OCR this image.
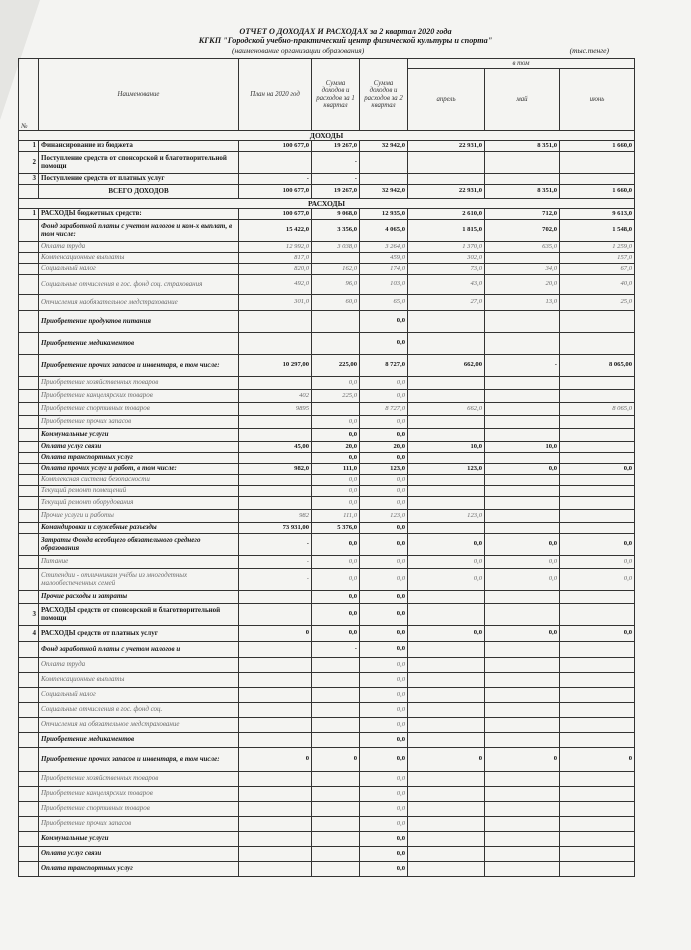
ОТЧЕТ О ДОХОДАХ И РАСХОДАХ за 2 квартал 2020 года
КГКП "Городской учебно-практический центр физической культуры и спорта"
(наименование организации образования)	(тыс.тенге)
№	Наименование	План на 2020 год	Сумма доходов и расходов за 1 квартал	Сумма доходов и расходов за 2 квартал	в том		
					апрель	май	июнь
ДОХОДЫ							
1	Финансирование из бюджета	100 677,0	19 267,0	32 942,0	22 931,0	8 351,0	1 660,0
2	Поступление средств от спонсорской и благотворительной помощи		-				
3	Поступление средств от платных услуг	-	-				
	ВСЕГО ДОХОДОВ	100 677,0	19 267,0	32 942,0	22 931,0	8 351,0	1 660,0
РАСХОДЫ							
1	РАСХОДЫ бюджетных средств:	100 677,0	9 068,0	12 935,0	2 610,0	712,0	9 613,0
	Фонд заработной платы с учетом налогов и ком-х выплат, в том числе:	15 422,0	3 356,0	4 065,0	1 815,0	702,0	1 548,0
	Оплата труда	12 992,0	3 038,0	3 264,0	1 370,0	635,0	1 259,0
	Компенсационные выплаты	817,0		459,0	302,0		157,0
	Социальный налог	820,0	162,0	174,0	73,0	34,0	67,0
	Социальные отчисления в гос. фонд соц. страхования	492,0	96,0	103,0	43,0	20,0	40,0
	Отчисления наобязательное медстрахование	301,0	60,0	65,0	27,0	13,0	25,0
	Приобретение продуктов питания			0,0			
	Приобретение медикаментов			0,0			
	Приобретение прочих запасов и инвентаря, в том числе:	10 297,00	225,00	8 727,0	662,00	-	8 065,00
	Приобретение хозяйственных товаров		0,0	0,0			
	Приобретение канцелярских товаров	402	225,0	0,0			
	Приобретение спортивных товаров	9895		8 727,0	662,0		8 065,0
	Приобретение прочих запасов		0,0	0,0			
	Коммунальные услуги		0,0	0,0			
	Оплата услуг связи	45,00	20,0	20,0	10,0	10,0	
	Оплата транспортных услуг		0,0	0,0			
	Оплата прочих услуг и работ, в том числе:	982,0	111,0	123,0	123,0	0,0	0,0
	Комплексная система безопасности		0,0	0,0			
	Текущий ремонт помещений		0,0	0,0			
	Текущий ремонт оборудования		0,0	0,0			
	Прочие услуги и работы	982	111,0	123,0	123,0		
	Командировки и служебные разъезды	73 931,00	5 376,0	0,0			
	Затраты Фонда всеобщего обязательного среднего образования	-	0,0	0,0	0,0	0,0	0,0
	Питание	-	0,0	0,0	0,0	0,0	0,0
	Стипендии - отличникам учёбы из многодетных малообеспеченных семей	-	0,0	0,0	0,0	0,0	0,0
	Прочие расходы и затраты		0,0	0,0			
3	РАСХОДЫ средств от спонсорской и благотворительной помощи		0,0	0,0			
4	РАСХОДЫ средств от платных услуг	0	0,0	0,0	0,0	0,0	0,0
	Фонд заработной платы с учетом налогов и		-	0,0			
	Оплата труда			0,0			
	Компенсационные выплаты			0,0			
	Социальный налог			0,0			
	Социальные отчисления в гос. фонд соц.			0,0			
	Отчисления на обязательное медстрахование			0,0			
	Приобретение медикаментов			0,0			
	Приобретение прочих запасов и инвентаря, в том числе:	0	0	0,0	0	0	0
	Приобретение хозяйственных товаров			0,0			
	Приобретение канцелярских товаров			0,0			
	Приобретение спортивных товаров			0,0			
	Приобретение прочих запасов			0,0			
	Коммунальные услуги			0,0			
	Оплата услуг связи			0,0			
	Оплата транспортных услуг			0,0			
